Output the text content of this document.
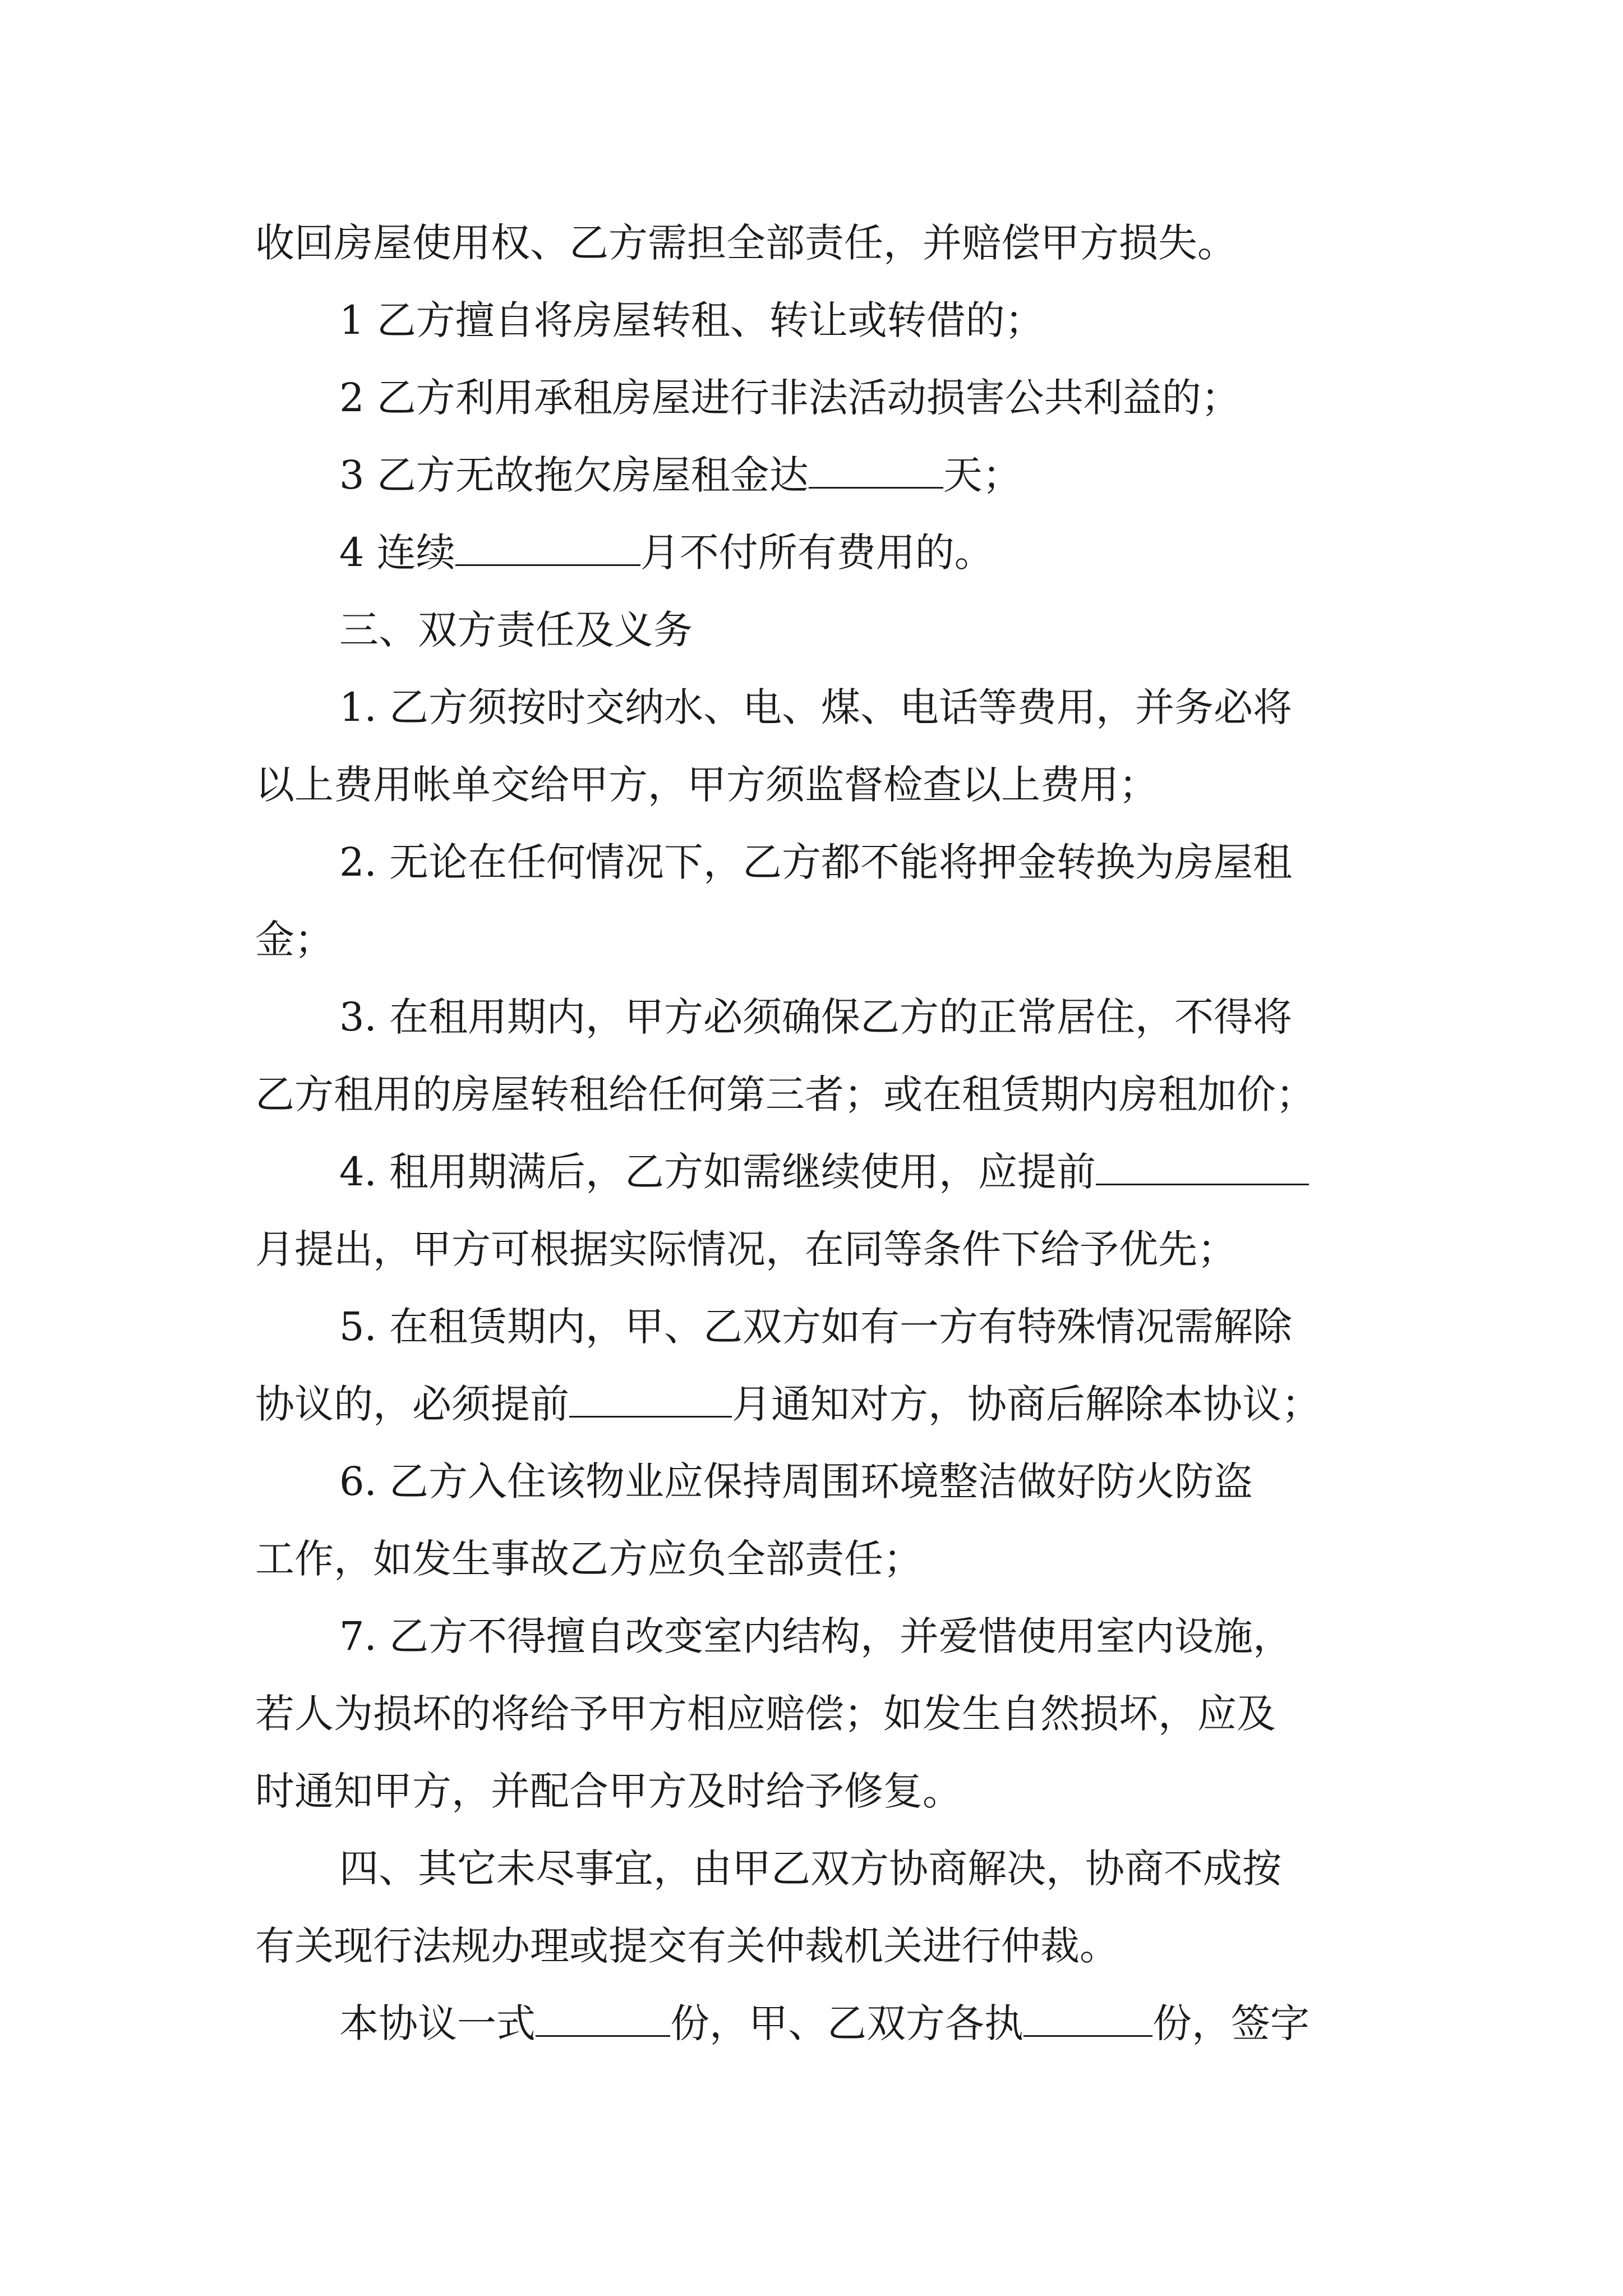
收回房屋使用权、乙方需担全部责任，并赔偿甲方损失。
1 乙方擅自将房屋转租、转让或转借的；
2 乙方利用承租房屋进行非法活动损害公共利益的；
3 乙方无故拖欠房屋租金达	天；
4 连续	月不付所有费用的。
三、双方责任及义务
1. 乙方须按时交纳水、电、煤、电话等费用，并务必将
以上费用帐单交给甲方，甲方须监督检查以上费用；
2. 无论在任何情况下，乙方都不能将押金转换为房屋租
金；
3. 在租用期内，甲方必须确保乙方的正常居住，不得将
乙方租用的房屋转租给任何第三者；或在租赁期内房租加价；
4. 租用期满后，乙方如需继续使用，应提前
月提出，甲方可根据实际情况，在同等条件下给予优先；
5. 在租赁期内，甲、乙双方如有一方有特殊情况需解除
协议的，必须提前	月通知对方，协商后解除本协议；
6. 乙方入住该物业应保持周围环境整洁做好防火防盗
工作，如发生事故乙方应负全部责任；
7. 乙方不得擅自改变室内结构，并爱惜使用室内设施，
若人为损坏的将给予甲方相应赔偿；如发生自然损坏，应及
时通知甲方，并配合甲方及时给予修复。
四、其它未尽事宜，由甲乙双方协商解决，协商不成按
有关现行法规办理或提交有关仲裁机关进行仲裁。
本协议一式	份，甲、乙双方各执	份，签字
